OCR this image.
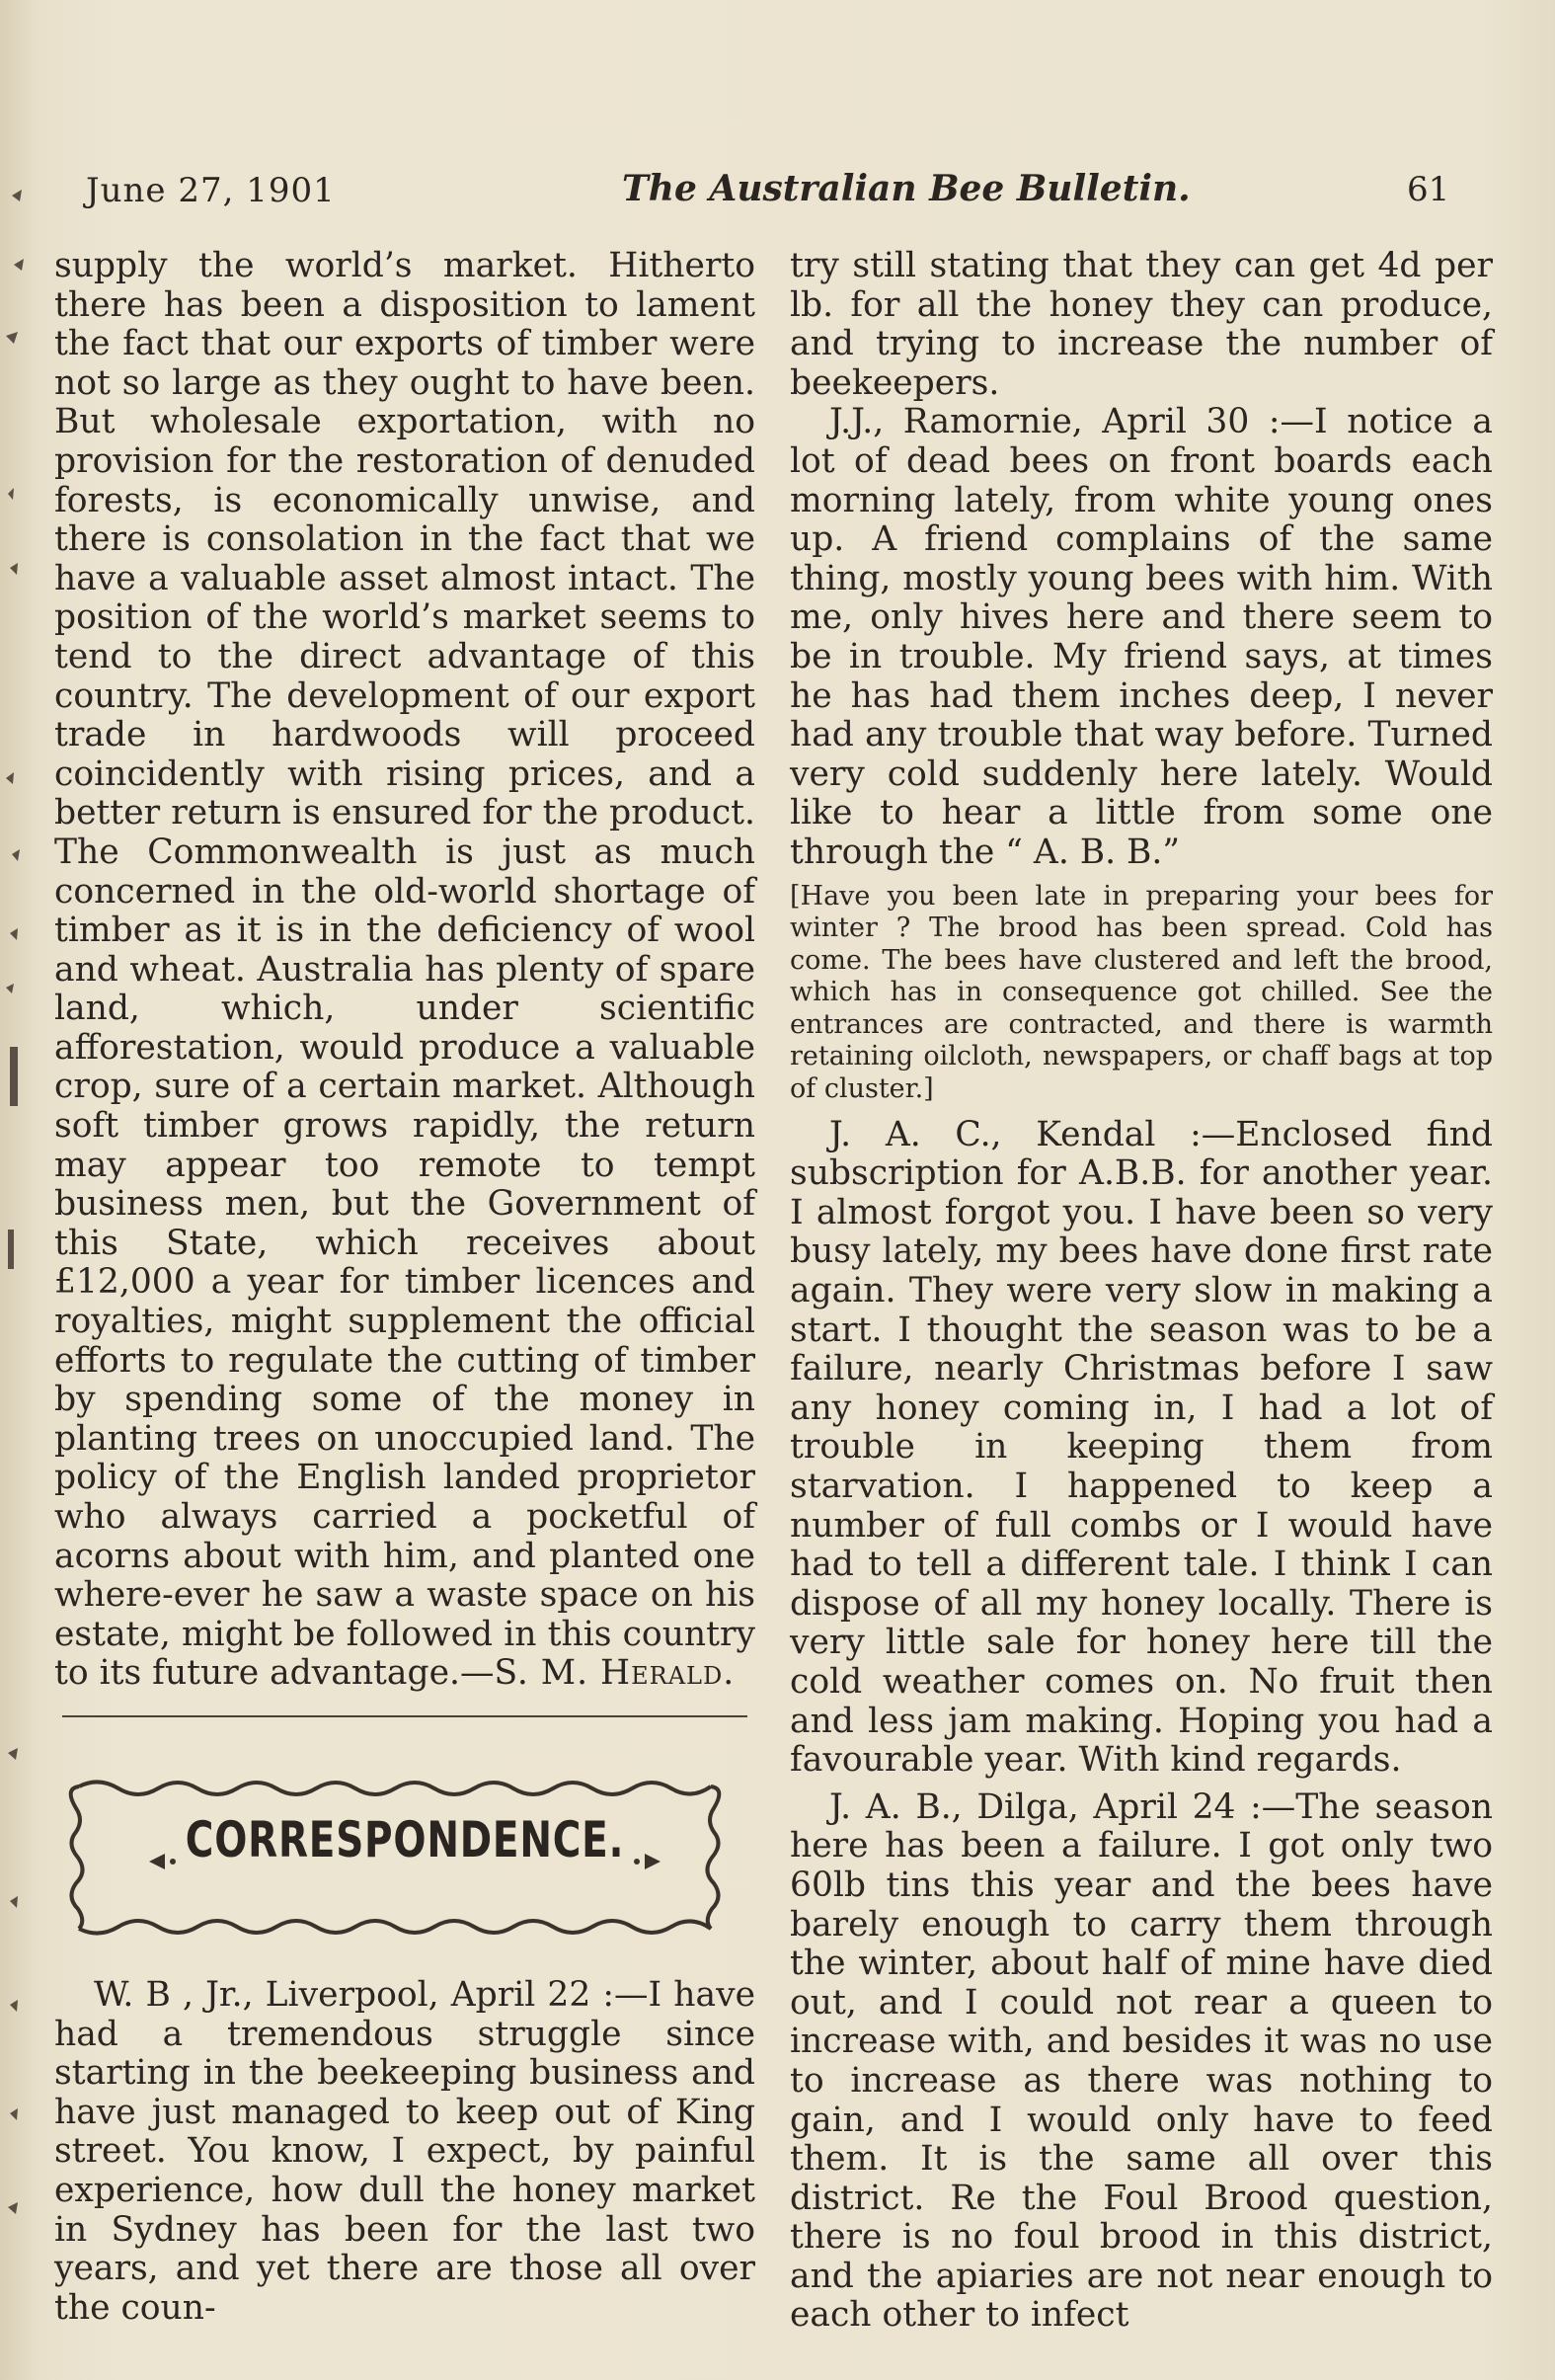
June 27, 1901	The Australian Bee Bulletin.	61

supply the world’s market. Hitherto there has been a disposition to lament the fact that our exports of timber were not so large as they ought to have been. But wholesale exportation, with no provision for the restoration of denuded forests, is economically unwise, and there is consolation in the fact that we have a valuable asset almost intact. The position of the world’s market seems to tend to the direct advantage of this country. The development of our export trade in hardwoods will proceed coincidently with rising prices, and a better return is ensured for the product. The Commonwealth is just as much concerned in the old-world shortage of timber as it is in the deficiency of wool and wheat. Australia has plenty of spare land, which, under scientific afforestation, would produce a valuable crop, sure of a certain market. Although soft timber grows rapidly, the return may appear too remote to tempt business men, but the Government of this State, which receives about £12,000 a year for timber licences and royalties, might supplement the official efforts to regulate the cutting of timber by spending some of the money in planting trees on unoccupied land. The policy of the English landed proprietor who always carried a pocketful of acorns about with him, and planted one where-ever he saw a waste space on his estate, might be followed in this country to its future advantage.—S. M. Herald.

CORRESPONDENCE.

W. B , Jr., Liverpool, April 22 :—I have had a tremendous struggle since starting in the beekeeping business and have just managed to keep out of King street. You know, I expect, by painful experience, how dull the honey market in Sydney has been for the last two years, and yet there are those all over the coun-

try still stating that they can get 4d per lb. for all the honey they can produce, and trying to increase the number of beekeepers.

J.J., Ramornie, April 30 :—I notice a lot of dead bees on front boards each morning lately, from white young ones up. A friend complains of the same thing, mostly young bees with him. With me, only hives here and there seem to be in trouble. My friend says, at times he has had them inches deep, I never had any trouble that way before. Turned very cold suddenly here lately. Would like to hear a little from some one through the “ A. B. B.”

[Have you been late in preparing your bees for winter ? The brood has been spread. Cold has come. The bees have clustered and left the brood, which has in consequence got chilled. See the entrances are contracted, and there is warmth retaining oilcloth, newspapers, or chaff bags at top of cluster.]

J. A. C., Kendal :—Enclosed find subscription for A.B.B. for another year. I almost forgot you. I have been so very busy lately, my bees have done first rate again. They were very slow in making a start. I thought the season was to be a failure, nearly Christmas before I saw any honey coming in, I had a lot of trouble in keeping them from starvation. I happened to keep a number of full combs or I would have had to tell a different tale. I think I can dispose of all my honey locally. There is very little sale for honey here till the cold weather comes on. No fruit then and less jam making. Hoping you had a favourable year. With kind regards.

J. A. B., Dilga, April 24 :—The season here has been a failure. I got only two 60lb tins this year and the bees have barely enough to carry them through the winter, about half of mine have died out, and I could not rear a queen to increase with, and besides it was no use to increase as there was nothing to gain, and I would only have to feed them. It is the same all over this district. Re the Foul Brood question, there is no foul brood in this district, and the apiaries are not near enough to each other to infect
